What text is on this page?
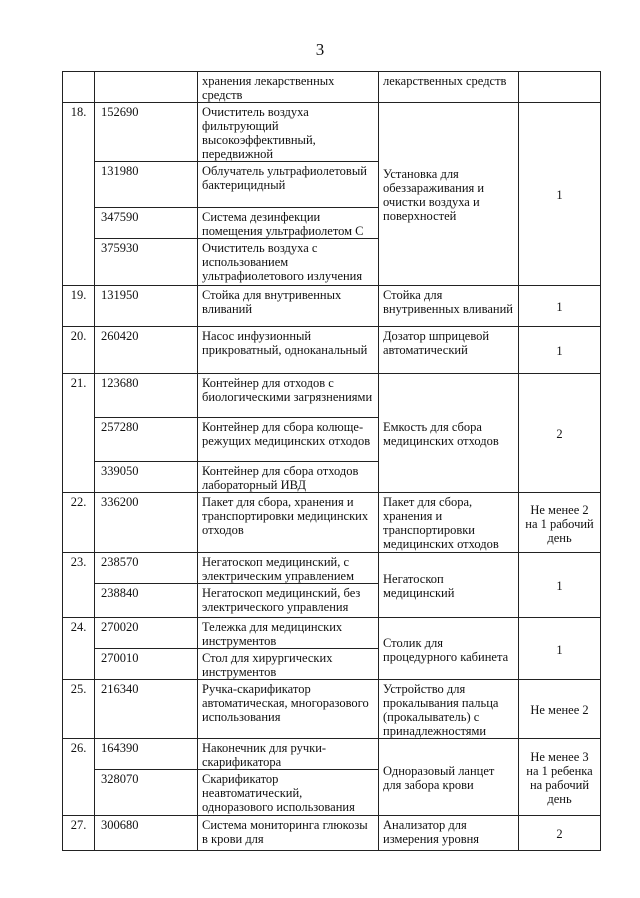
3
		хранения лекарственных средств	лекарственных средств	
18.	152690	Очиститель воздуха фильтрующий высокоэффективный, передвижной	Установка для обеззараживания и очистки воздуха и поверхностей	1
	131980	Облучатель ультрафиолетовый бактерицидный		
	347590	Система дезинфекции помещения ультрафиолетом С		
	375930	Очиститель воздуха с использованием ультрафиолетового излучения		
19.	131950	Стойка для внутривенных вливаний	Стойка для внутривенных вливаний	1
20.	260420	Насос инфузионный прикроватный, одноканальный	Дозатор шприцевой автоматический	1
21.	123680	Контейнер для отходов с биологическими загрязнениями	Емкость для сбора медицинских отходов	2
	257280	Контейнер для сбора колюще-режущих медицинских отходов		
	339050	Контейнер для сбора отходов лабораторный ИВД		
22.	336200	Пакет для сбора, хранения и транспортировки медицинских отходов	Пакет для сбора, хранения и транспортировки медицинских отходов	Не менее 2 на 1 рабочий день
23.	238570	Негатоскоп медицинский, с электрическим управлением	Негатоскоп медицинский	1
	238840	Негатоскоп медицинский, без электрического управления		
24.	270020	Тележка для медицинских инструментов	Столик для процедурного кабинета	1
	270010	Стол для хирургических инструментов		
25.	216340	Ручка-скарификатор автоматическая, многоразового использования	Устройство для прокалывания пальца (прокалыватель) с принадлежностями	Не менее 2
26.	164390	Наконечник для ручки-скарификатора	Одноразовый ланцет для забора крови	Не менее 3 на 1 ребенка на рабочий день
	328070	Скарификатор неавтоматический, одноразового использования		
27.	300680	Система мониторинга глюкозы в крови для	Анализатор для измерения уровня	2
